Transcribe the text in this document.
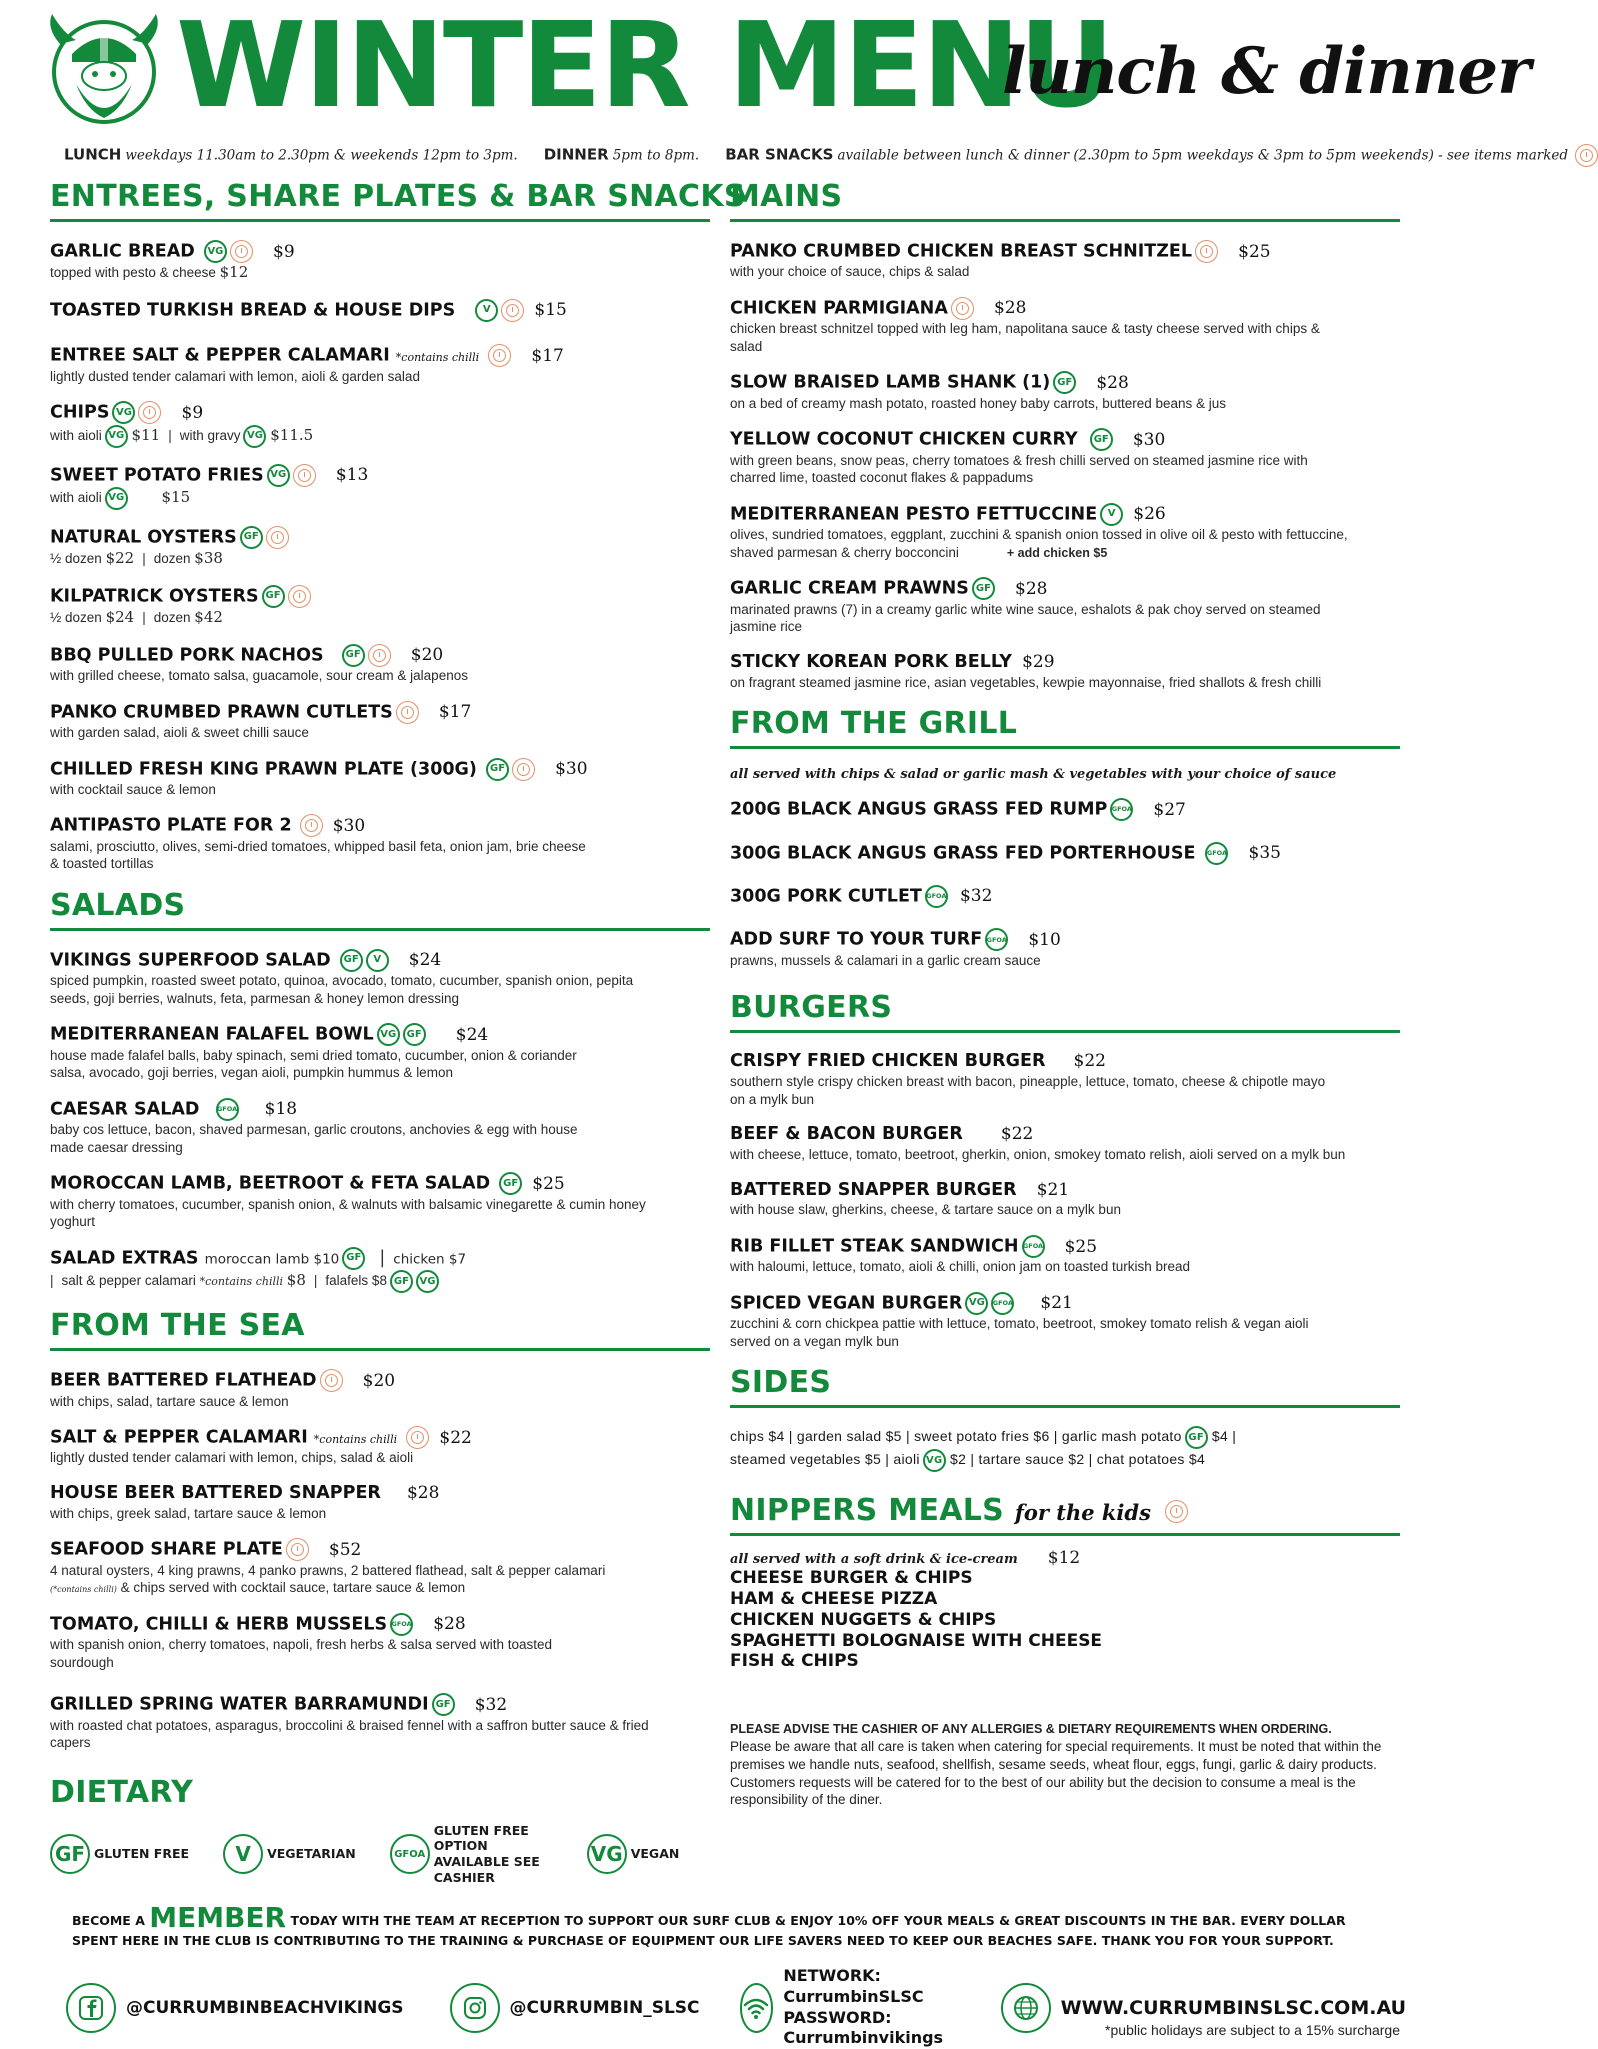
WINTER MENU
lunch & dinner
LUNCH weekdays 11.30am to 2.30pm & weekends 12pm to 3pm. DINNER 5pm to 8pm. BAR SNACKS available between lunch & dinner (2.30pm to 5pm weekdays & 3pm to 5pm weekends) - see items marked
ENTREES, SHARE PLATES & BAR SNACKS
GARLIC BREAD VG	$9
topped with pesto & cheese $12
TOASTED TURKISH BREAD & HOUSE DIPS	V	$15
ENTREE SALT & PEPPER CALAMARI *contains chilli	$17
lightly dusted tender calamari with lemon, aioli & garden salad
CHIPS VG	$9
with aioli VG $11 | with gravy VG $11.5
SWEET POTATO FRIES VG	$13
with aioli VG $15
NATURAL OYSTERS GF
½ dozen $22 | dozen $38
KILPATRICK OYSTERS GF
½ dozen $24 | dozen $42
BBQ PULLED PORK NACHOS GF	$20
with grilled cheese, tomato salsa, guacamole, sour cream & jalapenos
PANKO CRUMBED PRAWN CUTLETS	$17
with garden salad, aioli & sweet chilli sauce
CHILLED FRESH KING PRAWN PLATE (300G) GF	$30
with cocktail sauce & lemon
ANTIPASTO PLATE FOR 2 $30
salami, prosciutto, olives, semi-dried tomatoes, whipped basil feta, onion jam, brie cheese & toasted tortillas
SALADS
VIKINGS SUPERFOOD SALAD GF V $24
spiced pumpkin, roasted sweet potato, quinoa, avocado, tomato, cucumber, spanish onion, pepita seeds, goji berries, walnuts, feta, parmesan & honey lemon dressing
MEDITERRANEAN FALAFEL BOWL VG GF $24
house made falafel balls, baby spinach, semi dried tomato, cucumber, onion & coriander salsa, avocado, goji berries, vegan aioli, pumpkin hummus & lemon
CAESAR SALAD	GFOA $18
baby cos lettuce, bacon, shaved parmesan, garlic croutons, anchovies & egg with house made caesar dressing
MOROCCAN LAMB, BEETROOT & FETA SALAD GF $25
with cherry tomatoes, cucumber, spanish onion, & walnuts with balsamic vinegarette & cumin honey yoghurt
SALAD EXTRAS moroccan lamb $10 GF | chicken $7
| salt & pepper calamari *contains chilli $8 | falafels $8 GF VG
FROM THE SEA
BEER BATTERED FLATHEAD	$20
with chips, salad, tartare sauce & lemon
SALT & PEPPER CALAMARI *contains chilli $22
lightly dusted tender calamari with lemon, chips, salad & aioli
HOUSE BEER BATTERED SNAPPER $28
with chips, greek salad, tartare sauce & lemon
SEAFOOD SHARE PLATE	$52
4 natural oysters, 4 king prawns, 4 panko prawns, 2 battered flathead, salt & pepper calamari (*contains chilli) & chips served with cocktail sauce, tartare sauce & lemon
TOMATO, CHILLI & HERB MUSSELS GFOA $28
with spanish onion, cherry tomatoes, napoli, fresh herbs & salsa served with toasted sourdough
GRILLED SPRING WATER BARRAMUNDI GF $32
with roasted chat potatoes, asparagus, broccolini & braised fennel with a saffron butter sauce & fried capers
DIETARY
GF GLUTEN FREE	V	VEGETARIAN	GFOA
GLUTEN FREE OPTION AVAILABLE SEE CASHIER
VG VEGAN
MAINS
PANKO CRUMBED CHICKEN BREAST SCHNITZEL	$25
with your choice of sauce, chips & salad
CHICKEN PARMIGIANA	$28
chicken breast schnitzel topped with leg ham, napolitana sauce & tasty cheese served with chips & salad
SLOW BRAISED LAMB SHANK (1) GF $28
on a bed of creamy mash potato, roasted honey baby carrots, buttered beans & jus
YELLOW COCONUT CHICKEN CURRY GF $30
with green beans, snow peas, cherry tomatoes & fresh chilli served on steamed jasmine rice with charred lime, toasted coconut flakes & pappadums
MEDITERRANEAN PESTO FETTUCCINE V $26
olives, sundried tomatoes, eggplant, zucchini & spanish onion tossed in olive oil & pesto with fettuccine, shaved parmesan & cherry bocconcini	+ add chicken $5
GARLIC CREAM PRAWNS GF $28
marinated prawns (7) in a creamy garlic white wine sauce, eshalots & pak choy served on steamed jasmine rice
STICKY KOREAN PORK BELLY $29
on fragrant steamed jasmine rice, asian vegetables, kewpie mayonnaise, fried shallots & fresh chilli
FROM THE GRILL
all served with chips & salad or garlic mash & vegetables with your choice of sauce
200G BLACK ANGUS GRASS FED RUMP GFOA $27
300G BLACK ANGUS GRASS FED PORTERHOUSE GFOA $35
300G PORK CUTLET GFOA $32
ADD SURF TO YOUR TURF GFOA $10
prawns, mussels & calamari in a garlic cream sauce
BURGERS
CRISPY FRIED CHICKEN BURGER $22
southern style crispy chicken breast with bacon, pineapple, lettuce, tomato, cheese & chipotle mayo on a mylk bun
BEEF & BACON BURGER $22
with cheese, lettuce, tomato, beetroot, gherkin, onion, smokey tomato relish, aioli served on a mylk bun
BATTERED SNAPPER BURGER $21
with house slaw, gherkins, cheese, & tartare sauce on a mylk bun
RIB FILLET STEAK SANDWICH GFOA $25
with haloumi, lettuce, tomato, aioli & chilli, onion jam on toasted turkish bread
SPICED VEGAN BURGER VG GFOA $21
zucchini & corn chickpea pattie with lettuce, tomato, beetroot, smokey tomato relish & vegan aioli served on a vegan mylk bun
SIDES
chips $4 | garden salad $5 | sweet potato fries $6 | garlic mash potato GF $4 |
steamed vegetables $5 | aioli VG $2 | tartare sauce $2 | chat potatoes $4
NIPPERS MEALS for the kids
all served with a soft drink & ice-cream $12
CHEESE BURGER & CHIPS
HAM & CHEESE PIZZA
CHICKEN NUGGETS & CHIPS
SPAGHETTI BOLOGNAISE WITH CHEESE
FISH & CHIPS
PLEASE ADVISE THE CASHIER OF ANY ALLERGIES & DIETARY REQUIREMENTS WHEN ORDERING.
Please be aware that all care is taken when catering for special requirements. It must be noted that within the premises we handle nuts, seafood, shellfish, sesame seeds, wheat flour, eggs, fungi, garlic & dairy products. Customers requests will be catered for to the best of our ability but the decision to consume a meal is the responsibility of the diner.
BECOME A MEMBER TODAY WITH THE TEAM AT RECEPTION TO SUPPORT OUR SURF CLUB & ENJOY 10% OFF YOUR MEALS & GREAT DISCOUNTS IN THE BAR. EVERY DOLLAR SPENT HERE IN THE CLUB IS CONTRIBUTING TO THE TRAINING & PURCHASE OF EQUIPMENT OUR LIFE SAVERS NEED TO KEEP OUR BEACHES SAFE. THANK YOU FOR YOUR SUPPORT.
@CURRUMBINBEACHVIKINGS	@CURRUMBIN_SLSC
NETWORK: CurrumbinSLSC
PASSWORD: Currumbinvikings
WWW.CURRUMBINSLSC.COM.AU
*public holidays are subject to a 15% surcharge
